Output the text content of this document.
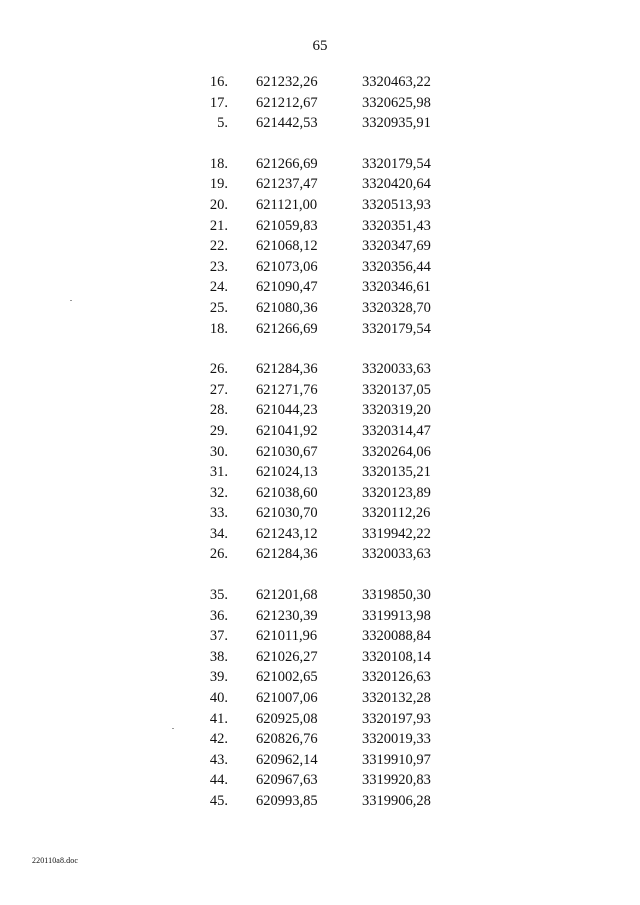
65
16. 621232,26	3320463,22
17. 621212,67	3320625,98
5. 621442,53	3320935,91
18. 621266,69	3320179,54
19. 621237,47	3320420,64
20. 621121,00	3320513,93
21. 621059,83	3320351,43
22. 621068,12	3320347,69
23. 621073,06	3320356,44
24. 621090,47	3320346,61
25. 621080,36	3320328,70
18. 621266,69	3320179,54
26. 621284,36	3320033,63
27. 621271,76	3320137,05
28. 621044,23	3320319,20
29. 621041,92	3320314,47
30. 621030,67	3320264,06
31. 621024,13	3320135,21
32. 621038,60	3320123,89
33. 621030,70	3320112,26
34. 621243,12	3319942,22
26. 621284,36	3320033,63
35. 621201,68	3319850,30
36. 621230,39	3319913,98
37. 621011,96	3320088,84
38. 621026,27	3320108,14
39. 621002,65	3320126,63
40. 621007,06	3320132,28
41. 620925,08	3320197,93
42. 620826,76	3320019,33
43. 620962,14	3319910,97
44. 620967,63	3319920,83
45. 620993,85	3319906,28
220110a8.doc
